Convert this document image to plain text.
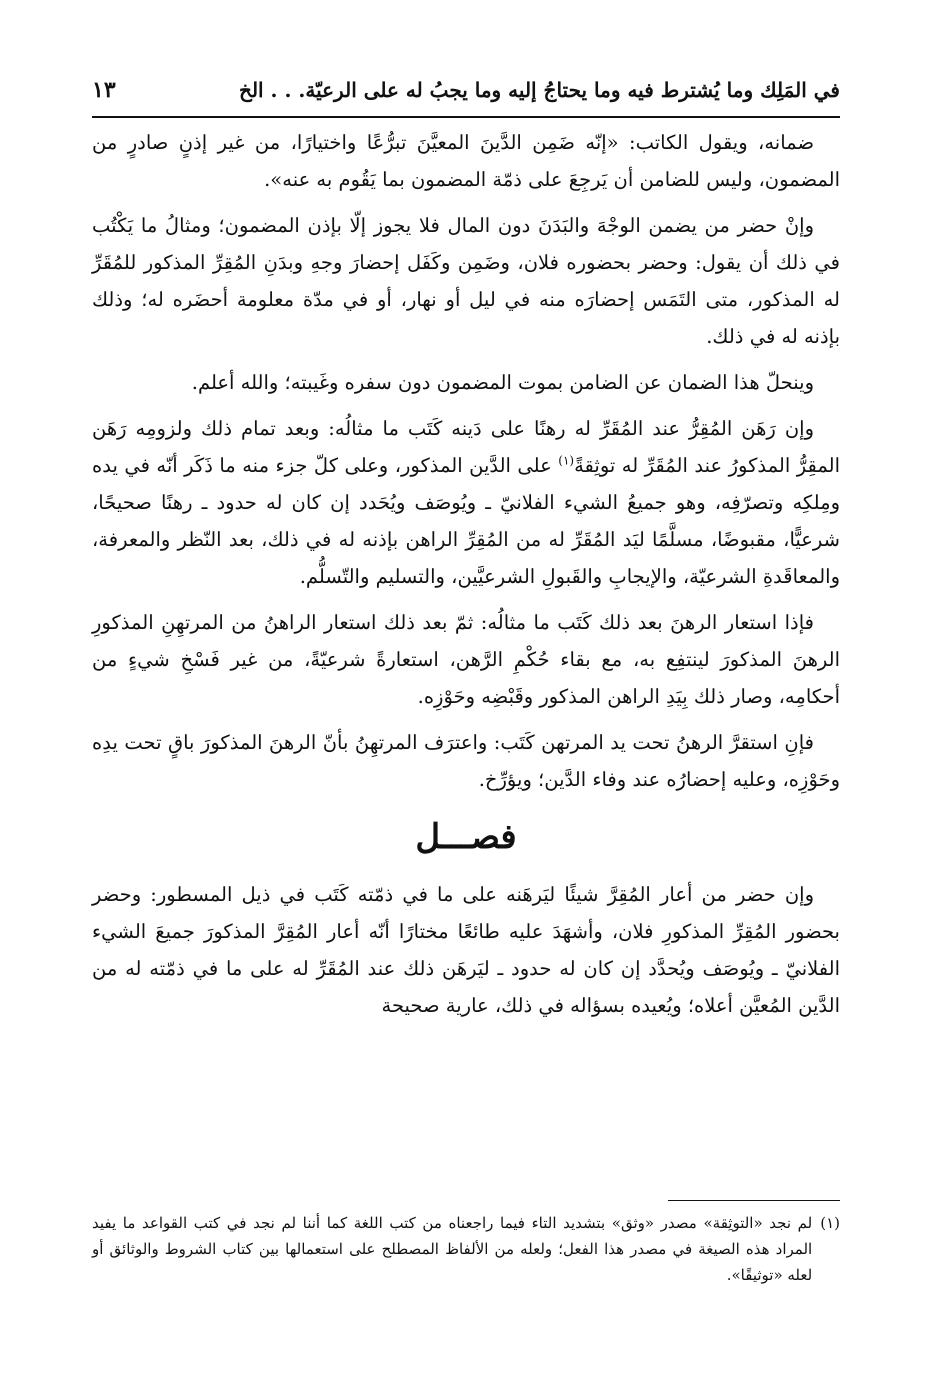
في المَلِك وما يُشترط فيه وما يحتاجُ إليه وما يجبُ له على الرعيّة. . . الخ
١٣

ضمانه، ويقول الكاتب: «إنّه ضَمِن الدَّينَ المعيَّنَ تبرُّعًا واختيارًا، من غير إذنٍ صادرٍ من المضمون، وليس للضامن أن يَرجِعَ على ذمّة المضمون بما يَقُوم به عنه».

وإنْ حضر من يضمن الوجْهَ والبَدَنَ دون المال فلا يجوز إلّا بإذن المضمون؛ ومثالُ ما يَكْتُب في ذلك أن يقول: وحضر بحضوره فلان، وضَمِن وكَفَل إحضارَ وجهِ وبدَنِ المُقِرِّ المذكور للمُقَرِّ له المذكور، متى التَمَس إحضارَه منه في ليل أو نهار، أو في مدّة معلومة أحضَره له؛ وذلك بإذنه له في ذلك.

وينحلّ هذا الضمان عن الضامن بموت المضمون دون سفره وغَيبته؛ والله أعلم.

وإن رَهَن المُقِرُّ عند المُقَرِّ له رهنًا على دَينه كَتَب ما مثالُه: وبعد تمام ذلك ولزومِه رَهَن المقِرُّ المذكورُ عند المُقَرِّ له توثِقةً$^{(١)}$ على الدَّين المذكور، وعلى كلّ جزء منه ما ذَكَر أنّه في يده ومِلكِه وتصرّفِه، وهو جميعُ الشيء الفلانيّ ـ ويُوصَف ويُحَدد إن كان له حدود ـ رهنًا صحيحًا، شرعيًّا، مقبوضًا، مسلَّمًا ليَد المُقَرِّ له من المُقِرِّ الراهن بإذنه له في ذلك، بعد النّظر والمعرفة، والمعاقَدةِ الشرعيّة، والإيجابِ والقَبولِ الشرعيَّين، والتسليم والتّسلُّم.

فإذا استعار الرهنَ بعد ذلك كَتَب ما مثالُه: ثمّ بعد ذلك استعار الراهنُ من المرتهِنِ المذكورِ الرهنَ المذكورَ لينتفِع به، مع بقاء حُكْمِ الرَّهن، استعارةً شرعيّةً، من غير فَسْخِ شيءٍ من أحكامِه، وصار ذلك بِيَدِ الراهن المذكور وقَبْضِه وحَوْزِه.

فإنِ استقرَّ الرهنُ تحت يد المرتهن كَتَب: واعترَف المرتهِنُ بأنّ الرهنَ المذكورَ باقٍ تحت يدِه وحَوْزِه، وعليه إحضارُه عند وفاء الدَّين؛ ويؤرِّخ.

فصـــل

وإن حضر من أعار المُقِرَّ شيئًا ليَرهَنه على ما في ذمّته كَتَب في ذيل المسطور: وحضر بحضور المُقِرِّ المذكورِ فلان، وأشهَدَ عليه طائعًا مختارًا أنّه أعار المُقِرَّ المذكورَ جميعَ الشيء الفلانيّ ـ ويُوصَف ويُحدَّد إن كان له حدود ـ ليَرهَن ذلك عند المُقَرِّ له على ما في ذمّته له من الدَّين المُعيَّن أعلاه؛ ويُعيده بسؤاله في ذلك، عارية صحيحة

(١)
لم نجد «التوثِقة» مصدر «وثق» بتشديد التاء فيما راجعناه من كتب اللغة كما أننا لم نجد في كتب القواعد ما يفيد المراد هذه الصيغة في مصدر هذا الفعل؛ ولعله من الألفاظ المصطلح على استعمالها بين كتاب الشروط والوثائق أو لعله «توثيقًا».
